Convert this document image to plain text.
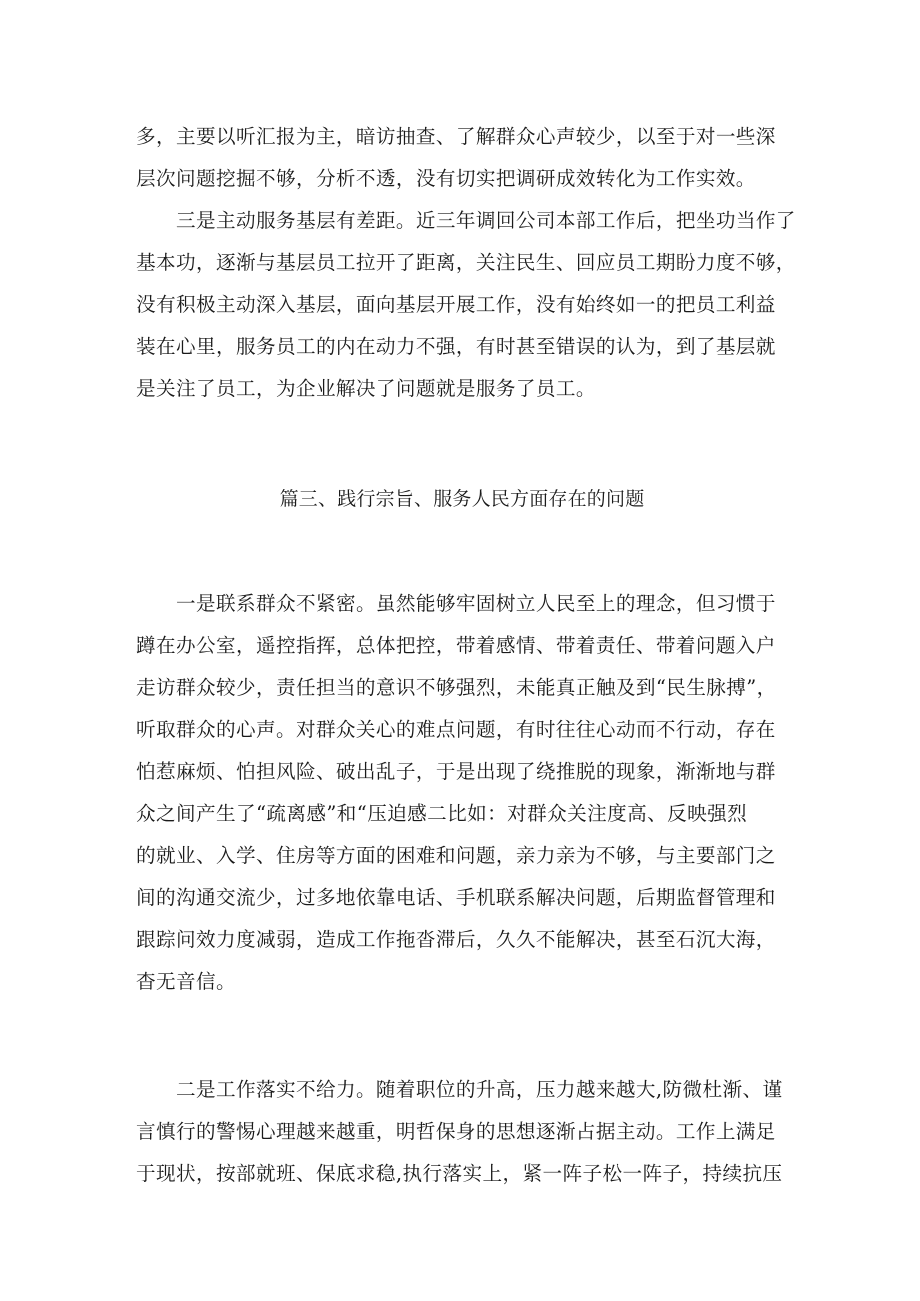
多，主要以听汇报为主，暗访抽查、了解群众心声较少，以至于对一些深
层次问题挖掘不够，分析不透，没有切实把调研成效转化为工作实效。
三是主动服务基层有差距。近三年调回公司本部工作后，把坐功当作了
基本功，逐渐与基层员工拉开了距离，关注民生、回应员工期盼力度不够，
没有积极主动深入基层，面向基层开展工作，没有始终如一的把员工利益
装在心里，服务员工的内在动力不强，有时甚至错误的认为，到了基层就
是关注了员工，为企业解决了问题就是服务了员工。
篇三、践行宗旨、服务人民方面存在的问题
一是联系群众不紧密。虽然能够牢固树立人民至上的理念，但习惯于
蹲在办公室，遥控指挥，总体把控，带着感情、带着责任、带着问题入户
走访群众较少，责任担当的意识不够强烈，未能真正触及到“民生脉搏”，
听取群众的心声。对群众关心的难点问题，有时往往心动而不行动，存在
怕惹麻烦、怕担风险、破出乱子，于是出现了绕推脱的现象，渐渐地与群
众之间产生了“疏离感”和“压迫感二比如：对群众关注度高、反映强烈
的就业、入学、住房等方面的困难和问题，亲力亲为不够，与主要部门之
间的沟通交流少，过多地依靠电话、手机联系解决问题，后期监督管理和
跟踪问效力度减弱，造成工作拖沓滞后，久久不能解决，甚至石沉大海，
杳无音信。
二是工作落实不给力。随着职位的升高，压力越来越大,防微杜渐、谨
言慎行的警惕心理越来越重，明哲保身的思想逐渐占据主动。工作上满足
于现状，按部就班、保底求稳,执行落实上，紧一阵子松一阵子，持续抗压
